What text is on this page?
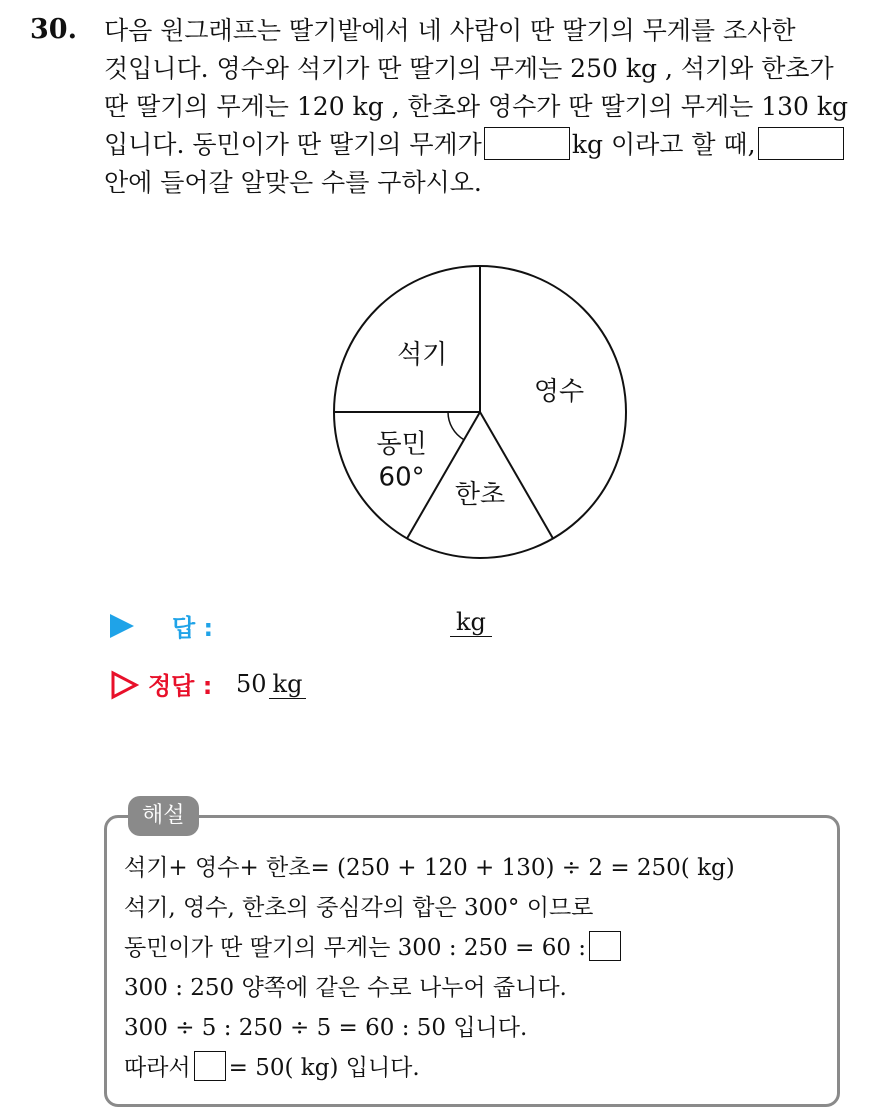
30. 다음 원그래프는 딸기밭에서 네 사람이 딴 딸기의 무게를 조사한
것입니다. 영수와 석기가 딴 딸기의 무게는 250 kg , 석기와 한초가
딴 딸기의 무게는 120 kg , 한초와 영수가 딴 딸기의 무게는 130 kg
입니다. 동민이가 딴 딸기의 무게가	kg 이라고 할 때,
안에 들어갈 알맞은 수를 구하시오.
영수
한초
동민
60°
석기
답 :	kg
정답 : 50 kg
해설
석기+ 영수+ 한초= (250 + 120 + 130) ÷ 2 = 250( kg)
석기, 영수, 한초의 중심각의 합은 300° 이므로
동민이가 딴 딸기의 무게는 300 : 250 = 60 :
300 : 250 양쪽에 같은 수로 나누어 줍니다.
300 ÷ 5 : 250 ÷ 5 = 60 : 50 입니다.
따라서 = 50( kg) 입니다.
